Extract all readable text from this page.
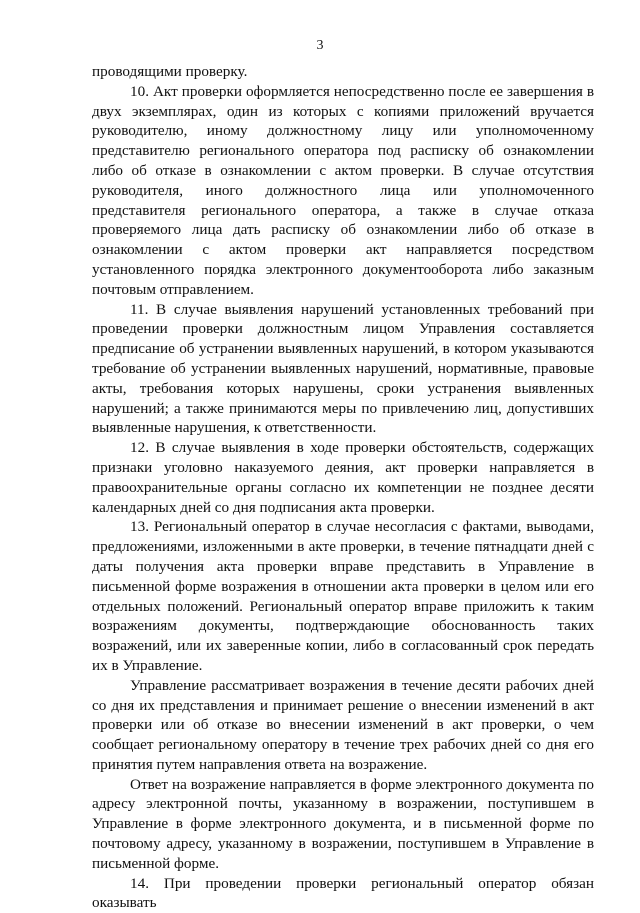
3

проводящими проверку.

10. Акт проверки оформляется непосредственно после ее завершения в двух экземплярах, один из которых с копиями приложений вручается руководителю, иному должностному лицу или уполномоченному представителю регионального оператора под расписку об ознакомлении либо об отказе в ознакомлении с актом проверки. В случае отсутствия руководителя, иного должностного лица или уполномоченного представителя регионального оператора, а также в случае отказа проверяемого лица дать расписку об ознакомлении либо об отказе в ознакомлении с актом проверки акт направляется посредством установленного порядка электронного документооборота либо заказным почтовым отправлением.

11. В случае выявления нарушений установленных требований при проведении проверки должностным лицом Управления составляется предписание об устранении выявленных нарушений, в котором указываются требование об устранении выявленных нарушений, нормативные, правовые акты, требования которых нарушены, сроки устранения выявленных нарушений; а также принимаются меры по привлечению лиц, допустивших выявленные нарушения, к ответственности.

12. В случае выявления в ходе проверки обстоятельств, содержащих признаки уголовно наказуемого деяния, акт проверки направляется в правоохранительные органы согласно их компетенции не позднее десяти календарных дней со дня подписания акта проверки.

13. Региональный оператор в случае несогласия с фактами, выводами, предложениями, изложенными в акте проверки, в течение пятнадцати дней с даты получения акта проверки вправе представить в Управление в письменной форме возражения в отношении акта проверки в целом или его отдельных положений. Региональный оператор вправе приложить к таким возражениям документы, подтверждающие обоснованность таких возражений, или их заверенные копии, либо в согласованный срок передать их в Управление.

Управление рассматривает возражения в течение десяти рабочих дней со дня их представления и принимает решение о внесении изменений в акт проверки или об отказе во внесении изменений в акт проверки, о чем сообщает региональному оператору в течение трех рабочих дней со дня его принятия путем направления ответа на возражение.

Ответ на возражение направляется в форме электронного документа по адресу электронной почты, указанному в возражении, поступившем в Управление в форме электронного документа, и в письменной форме по почтовому адресу, указанному в возражении, поступившем в Управление в письменной форме.

14. При проведении проверки региональный оператор обязан оказывать
